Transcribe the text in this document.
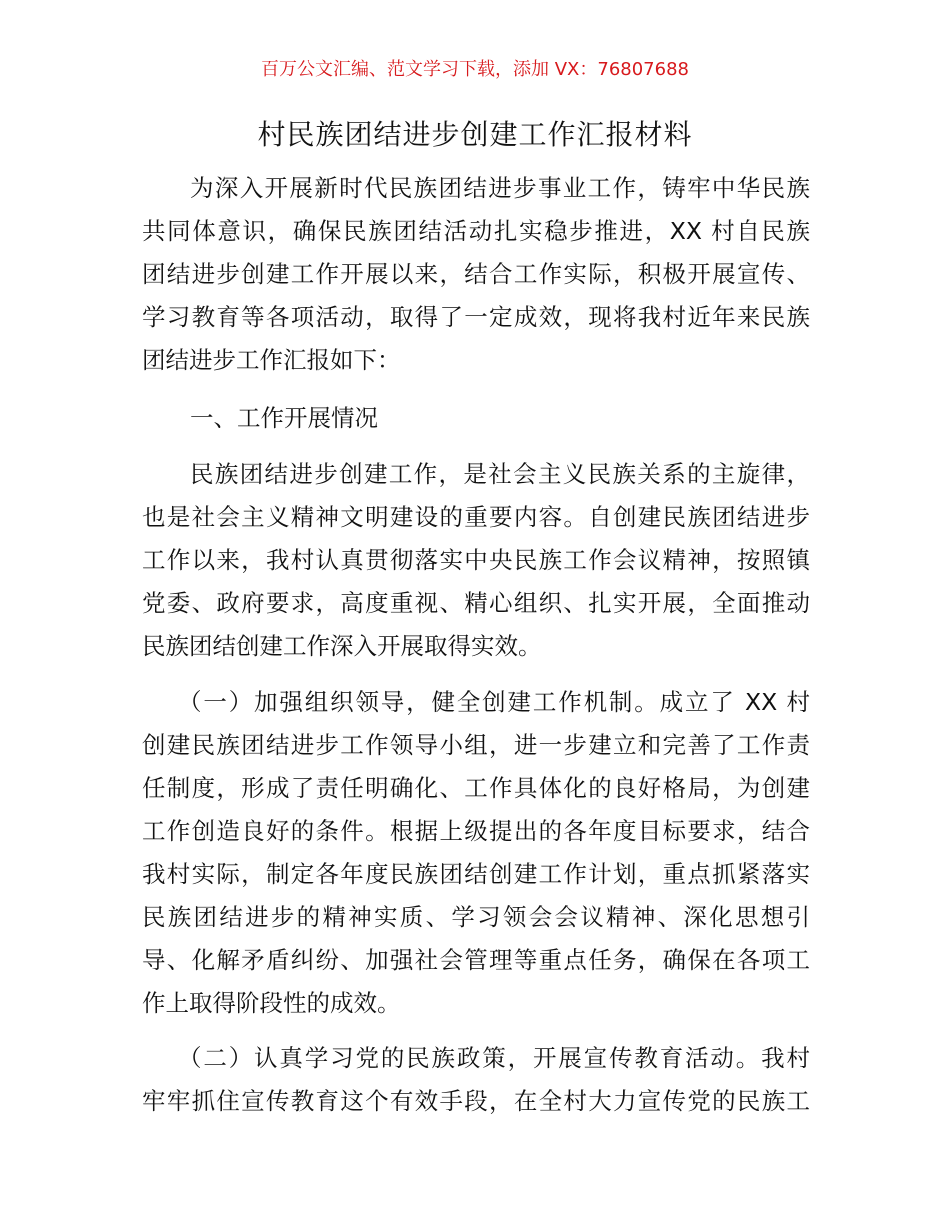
百万公文汇编、范文学习下载，添加 VX：76807688
村民族团结进步创建工作汇报材料
为深入开展新时代民族团结进步事业工作，铸牢中华民族
共同体意识，确保民族团结活动扎实稳步推进，XX 村自民族
团结进步创建工作开展以来，结合工作实际，积极开展宣传、
学习教育等各项活动，取得了一定成效，现将我村近年来民族
团结进步工作汇报如下：
一、工作开展情况
民族团结进步创建工作，是社会主义民族关系的主旋律，
也是社会主义精神文明建设的重要内容。自创建民族团结进步
工作以来，我村认真贯彻落实中央民族工作会议精神，按照镇
党委、政府要求，高度重视、精心组织、扎实开展，全面推动
民族团结创建工作深入开展取得实效。
（一）加强组织领导，健全创建工作机制。成立了 XX 村
创建民族团结进步工作领导小组，进一步建立和完善了工作责
任制度，形成了责任明确化、工作具体化的良好格局，为创建
工作创造良好的条件。根据上级提出的各年度目标要求，结合
我村实际，制定各年度民族团结创建工作计划，重点抓紧落实
民族团结进步的精神实质、学习领会会议精神、深化思想引
导、化解矛盾纠纷、加强社会管理等重点任务，确保在各项工
作上取得阶段性的成效。
（二）认真学习党的民族政策，开展宣传教育活动。我村
牢牢抓住宣传教育这个有效手段，在全村大力宣传党的民族工
